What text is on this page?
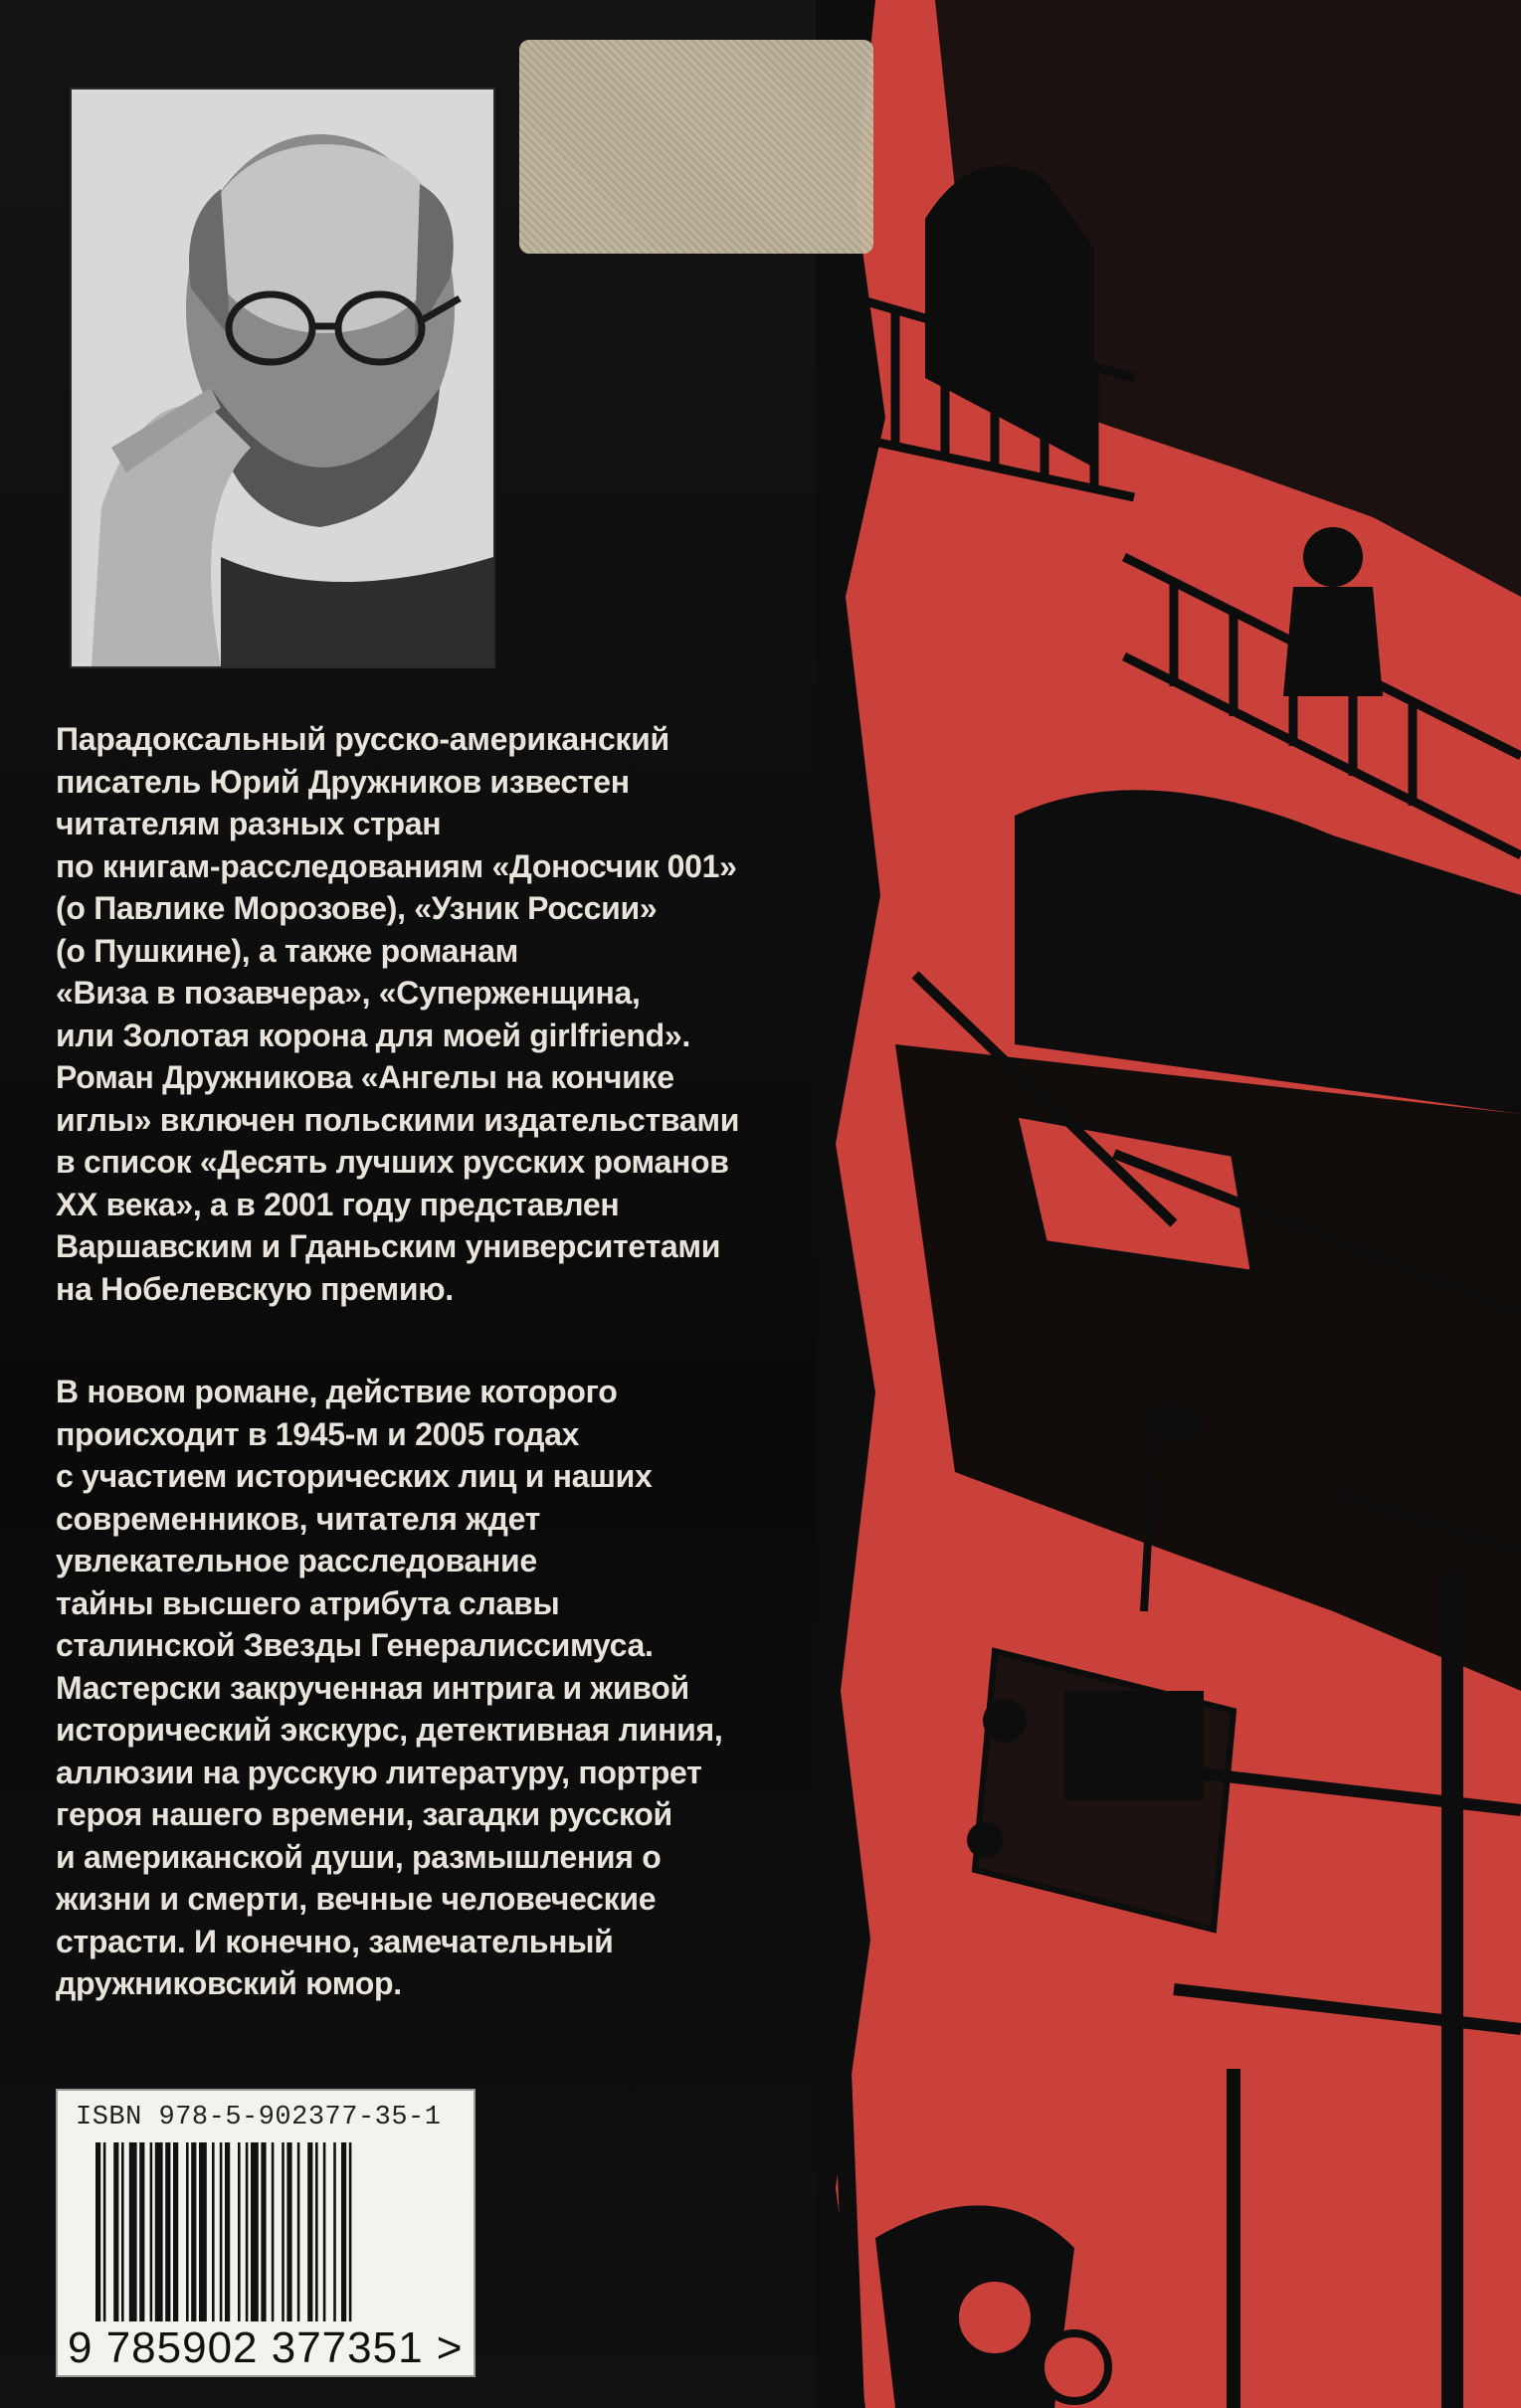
Парадоксальный русско-американский
писатель Юрий Дружников известен
читателям разных стран
по книгам-расследованиям «Доносчик 001»
(о Павлике Морозове), «Узник России»
(о Пушкине), а также романам
«Виза в позавчера», «Суперженщина,
или Золотая корона для моей girlfriend».
Роман Дружникова «Ангелы на кончике
иглы» включен польскими издательствами
в список «Десять лучших русских романов
XX века», а в 2001 году представлен
Варшавским и Гданьским университетами
на Нобелевскую премию.
В новом романе, действие которого
происходит в 1945-м и 2005 годах
с участием исторических лиц и наших
современников, читателя ждет
увлекательное расследование
тайны высшего атрибута славы
сталинской Звезды Генералиссимуса.
Мастерски закрученная интрига и живой
исторический экскурс, детективная линия,
аллюзии на русскую литературу, портрет
героя нашего времени, загадки русской
и американской души, размышления о
жизни и смерти, вечные человеческие
страсти. И конечно, замечательный
дружниковский юмор.
ISBN 978-5-902377-35-1
9 785902 377351 >
